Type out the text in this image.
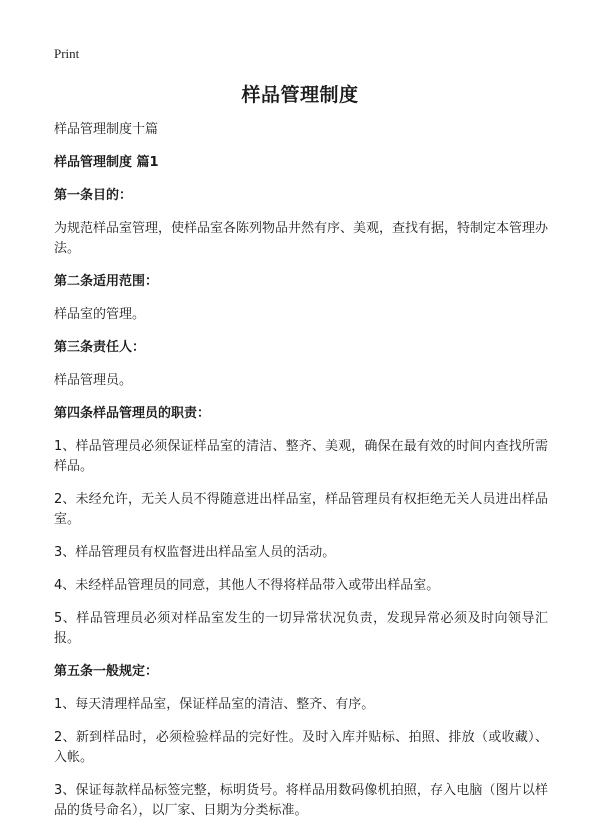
Print
样品管理制度

样品管理制度十篇

样品管理制度 篇1

第一条目的：

为规范样品室管理，使样品室各陈列物品井然有序、美观，查找有据，特制定本管理办法。

第二条适用范围：

样品室的管理。

第三条责任人：

样品管理员。

第四条样品管理员的职责：

1、样品管理员必须保证样品室的清洁、整齐、美观，确保在最有效的时间内查找所需样品。

2、未经允许，无关人员不得随意进出样品室，样品管理员有权拒绝无关人员进出样品室。

3、样品管理员有权监督进出样品室人员的活动。

4、未经样品管理员的同意，其他人不得将样品带入或带出样品室。

5、样品管理员必须对样品室发生的一切异常状况负责，发现异常必须及时向领导汇报。

第五条一般规定：

1、每天清理样品室，保证样品室的清洁、整齐、有序。

2、新到样品时，必须检验样品的完好性。及时入库并贴标、拍照、排放（或收藏）、入帐。

3、保证每款样品标签完整，标明货号。将样品用数码像机拍照，存入电脑（图片以样品的货号命名），以厂家、日期为分类标准。
